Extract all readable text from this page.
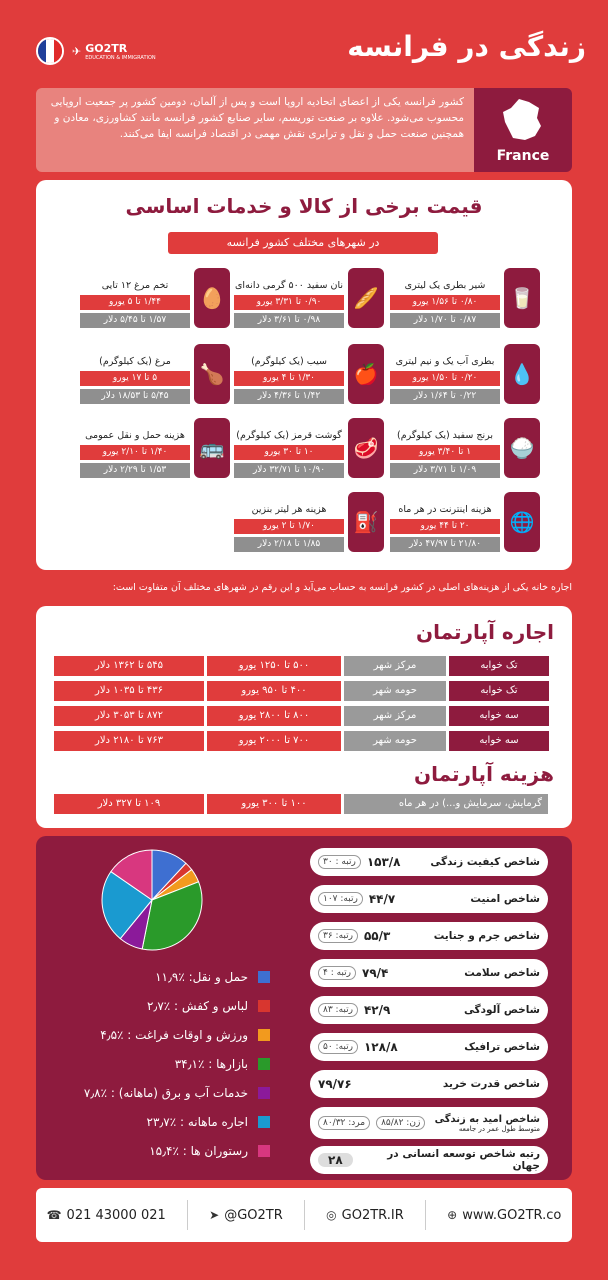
زندگی در فرانسه
✈ GO2TR
EDUCATION & IMMIGRATION
کشور فرانسه یکی از اعضای اتحادیه اروپا است و پس از آلمان، دومین کشور پر جمعیت اروپایی محسوب می‌شود. علاوه بر صنعت توریسم، سایر صنایع کشور فرانسه مانند کشاورزی، معادن و همچنین صنعت حمل و نقل و ترابری نقش مهمی در اقتصاد فرانسه ایفا می‌کنند.
France
قیمت برخی از کالا و خدمات اساسی
در شهرهای مختلف کشور فرانسه
🥛
شیر بطری یک لیتری
۰/۸۰ تا ۱/۵۶ یورو
۰/۸۷ تا ۱/۷۰ دلار
🥖
نان سفید ۵۰۰ گرمی دانه‌ای
۰/۹۰ تا ۳/۳۱ یورو
۰/۹۸ تا ۳/۶۱ دلار
🥚
تخم مرغ ۱۲ تایی
۱/۴۴ تا ۵ یورو
۱/۵۷ تا ۵/۴۵ دلار
💧
بطری آب یک و نیم لیتری
۰/۲۰ تا ۱/۵۰ یورو
۰/۲۲ تا ۱/۶۴ دلار
🍎
سیب (یک کیلوگرم)
۱/۳۰ تا ۴ یورو
۱/۴۲ تا ۴/۳۶ دلار
🍗
مرغ (یک کیلوگرم)
۵ تا ۱۷ یورو
۵/۴۵ تا ۱۸/۵۳ دلار
🍚
برنج سفید (یک کیلوگرم)
۱ تا ۳/۴۰ یورو
۱/۰۹ تا ۳/۷۱ دلار
🥩
گوشت قرمز (یک کیلوگرم)
۱۰ تا ۳۰ یورو
۱۰/۹۰ تا ۳۲/۷۱ دلار
🚌
هزینه حمل و نقل عمومی
۱/۴۰ تا ۲/۱۰ یورو
۱/۵۳ تا ۲/۲۹ دلار
🌐
هزینه اینترنت در هر ماه
۲۰ تا ۴۴ یورو
۲۱/۸۰ تا ۴۷/۹۷ دلار
⛽
هزینه هر لیتر بنزین
۱/۷۰ تا ۲ یورو
۱/۸۵ تا ۲/۱۸ دلار
اجاره خانه یکی از هزینه‌های اصلی در کشور فرانسه به حساب می‌آید و این رقم در شهرهای مختلف آن متفاوت است:
اجاره آپارتمان
هزینه آپارتمان
۵۴۵ تا ۱۳۶۲ دلار	۵۰۰ تا ۱۲۵۰ یورو	مرکز شهر	تک خوابه
۴۳۶ تا ۱۰۳۵ دلار	۴۰۰ تا ۹۵۰ یورو	حومه شهر	تک خوابه
۸۷۲ تا ۳۰۵۳ دلار	۸۰۰ تا ۲۸۰۰ یورو	مرکز شهر	سه خوابه
۷۶۳ تا ۲۱۸۰ دلار	۷۰۰ تا ۲۰۰۰ یورو	حومه شهر	سه خوابه
۱۰۹ تا ۳۲۷ دلار	۱۰۰ تا ۳۰۰ یورو	گرمایش، سرمایش و...) در هر ماه
حمل و نقل: ٪۱۱٫۹
لباس و کفش : ٪۲٫۷
ورزش و اوقات فراغت : ٪۴٫۵
بازارها : ٪۳۴٫۱
خدمات آب و برق (ماهانه) : ٪۷٫۸
اجاره ماهانه : ٪۲۳٫۷
رستوران ها : ٪۱۵٫۴
شاخص کیفیت زندگی
۱۵۳/۸
رتبه : ۳۰
شاخص امنیت
۴۴/۷
رتبه: ۱۰۷
شاخص جرم و جنایت
۵۵/۳
رتبه: ۳۶
شاخص سلامت
۷۹/۴
رتبه : ۴
شاخص آلودگی
۴۲/۹
رتبه: ۸۳
شاخص ترافیک
۱۲۸/۸
رتبه: ۵۰
شاخص قدرت خرید
۷۹/۷۶
شاخص امید به زندگی
متوسط طول عمر در جامعه
زن: ۸۵/۸۲
مرد: ۸۰/۳۲
رتبه شاخص توسعه انسانی در جهان
۲۸
☎ 021 43000 021	➤ @GO2TR	◎ GO2TR.IR	⊕ www.GO2TR.co
